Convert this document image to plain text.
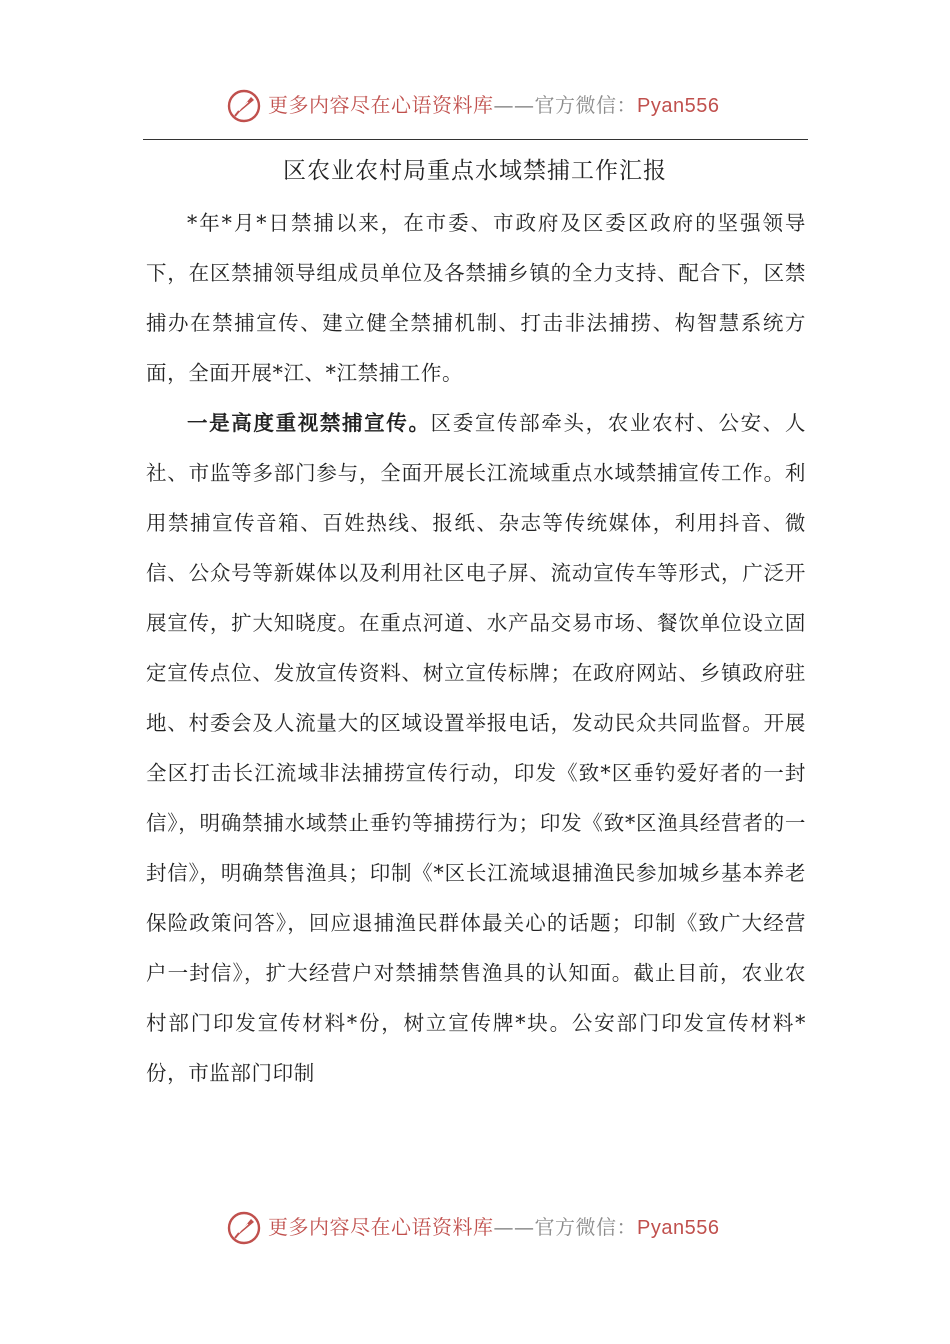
更多内容尽在心语资料库——官方微信：Pyan556
区农业农村局重点水域禁捕工作汇报

*年*月*日禁捕以来，在市委、市政府及区委区政府的坚强领导下，在区禁捕领导组成员单位及各禁捕乡镇的全力支持、配合下，区禁捕办在禁捕宣传、建立健全禁捕机制、打击非法捕捞、构智慧系统方面，全面开展*江、*江禁捕工作。

一是高度重视禁捕宣传。区委宣传部牵头，农业农村、公安、人社、市监等多部门参与，全面开展长江流域重点水域禁捕宣传工作。利用禁捕宣传音箱、百姓热线、报纸、杂志等传统媒体，利用抖音、微信、公众号等新媒体以及利用社区电子屏、流动宣传车等形式，广泛开展宣传，扩大知晓度。在重点河道、水产品交易市场、餐饮单位设立固定宣传点位、发放宣传资料、树立宣传标牌；在政府网站、乡镇政府驻地、村委会及人流量大的区域设置举报电话，发动民众共同监督。开展全区打击长江流域非法捕捞宣传行动，印发《致*区垂钓爱好者的一封信》，明确禁捕水域禁止垂钓等捕捞行为；印发《致*区渔具经营者的一封信》，明确禁售渔具；印制《*区长江流域退捕渔民参加城乡基本养老保险政策问答》，回应退捕渔民群体最关心的话题；印制《致广大经营户一封信》，扩大经营户对禁捕禁售渔具的认知面。截止目前，农业农村部门印发宣传材料*份，树立宣传牌*块。公安部门印发宣传材料*份，市监部门印制

更多内容尽在心语资料库——官方微信：Pyan556
